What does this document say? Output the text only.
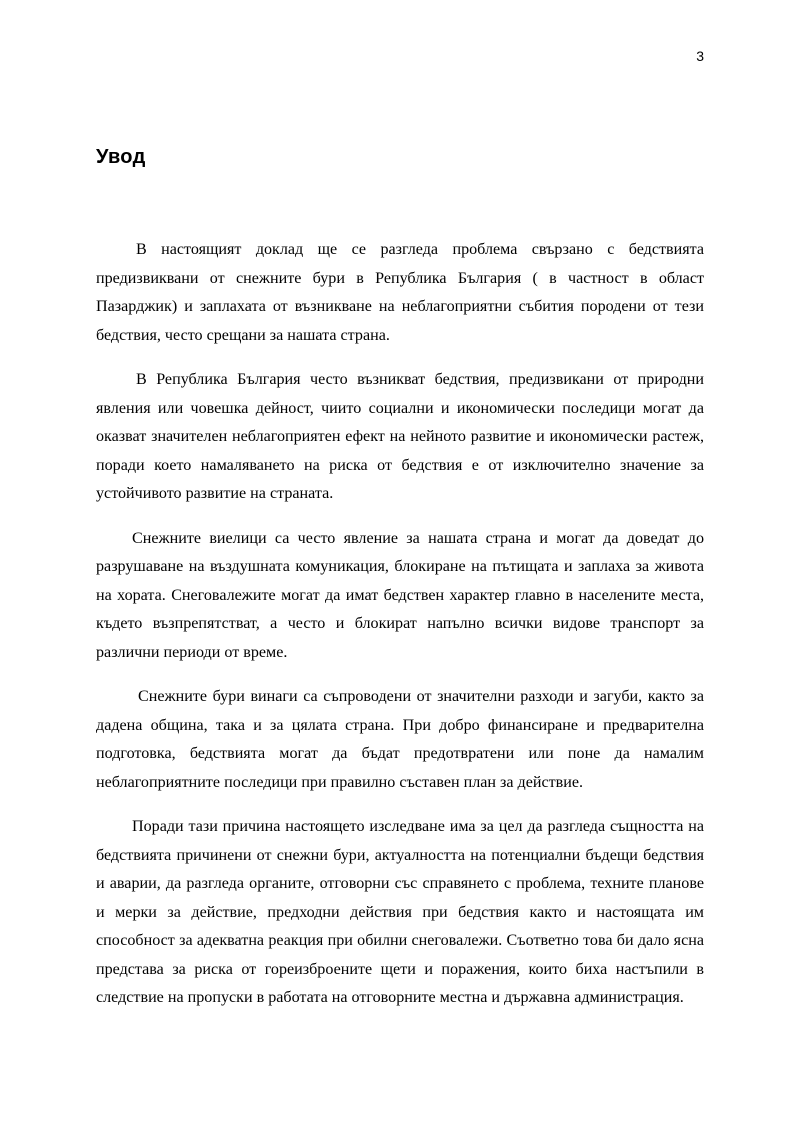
3
Увод

В настоящият доклад ще се разгледа проблема свързано с бедствията предизвиквани от снежните бури в Република България ( в частност в област Пазарджик) и заплахата от възникване на неблагоприятни събития породени от тези бедствия, често срещани за нашата страна.

В Република България често възникват бедствия, предизвикани от природни явления или човешка дейност, чиито социални и икономически последици могат да оказват значителен неблагоприятен ефект на нейното развитие и икономически растеж, поради което намаляването на риска от бедствия е от изключително значение за устойчивото развитие на страната.

Снежните виелици са често явление за нашата страна и могат да доведат до разрушаване на въздушната комуникация, блокиране на пътищата и заплаха за живота на хората. Снеговалежите могат да имат бедствен характер главно в населените места, където възпрепятстват, а често и блокират напълно всички видове транспорт за различни периоди от време.

Снежните бури винаги са съпроводени от значителни разходи и загуби, както за дадена община, така и за цялата страна. При добро финансиране и предварителна подготовка, бедствията могат да бъдат предотвратени или поне да намалим неблагоприятните последици при правилно съставен план за действие.

Поради тази причина настоящето изследване има за цел да разгледа същността на бедствията причинени от снежни бури, актуалността на потенциални бъдещи бедствия и аварии, да разгледа органите, отговорни със справянето с проблема, техните планове и мерки за действие, предходни действия при бедствия както и настоящата им способност за адекватна реакция при обилни снеговалежи. Съответно това би дало ясна представа за риска от гореизброените щети и поражения, които биха настъпили в следствие на пропуски в работата на отговорните местна и държавна администрация.
